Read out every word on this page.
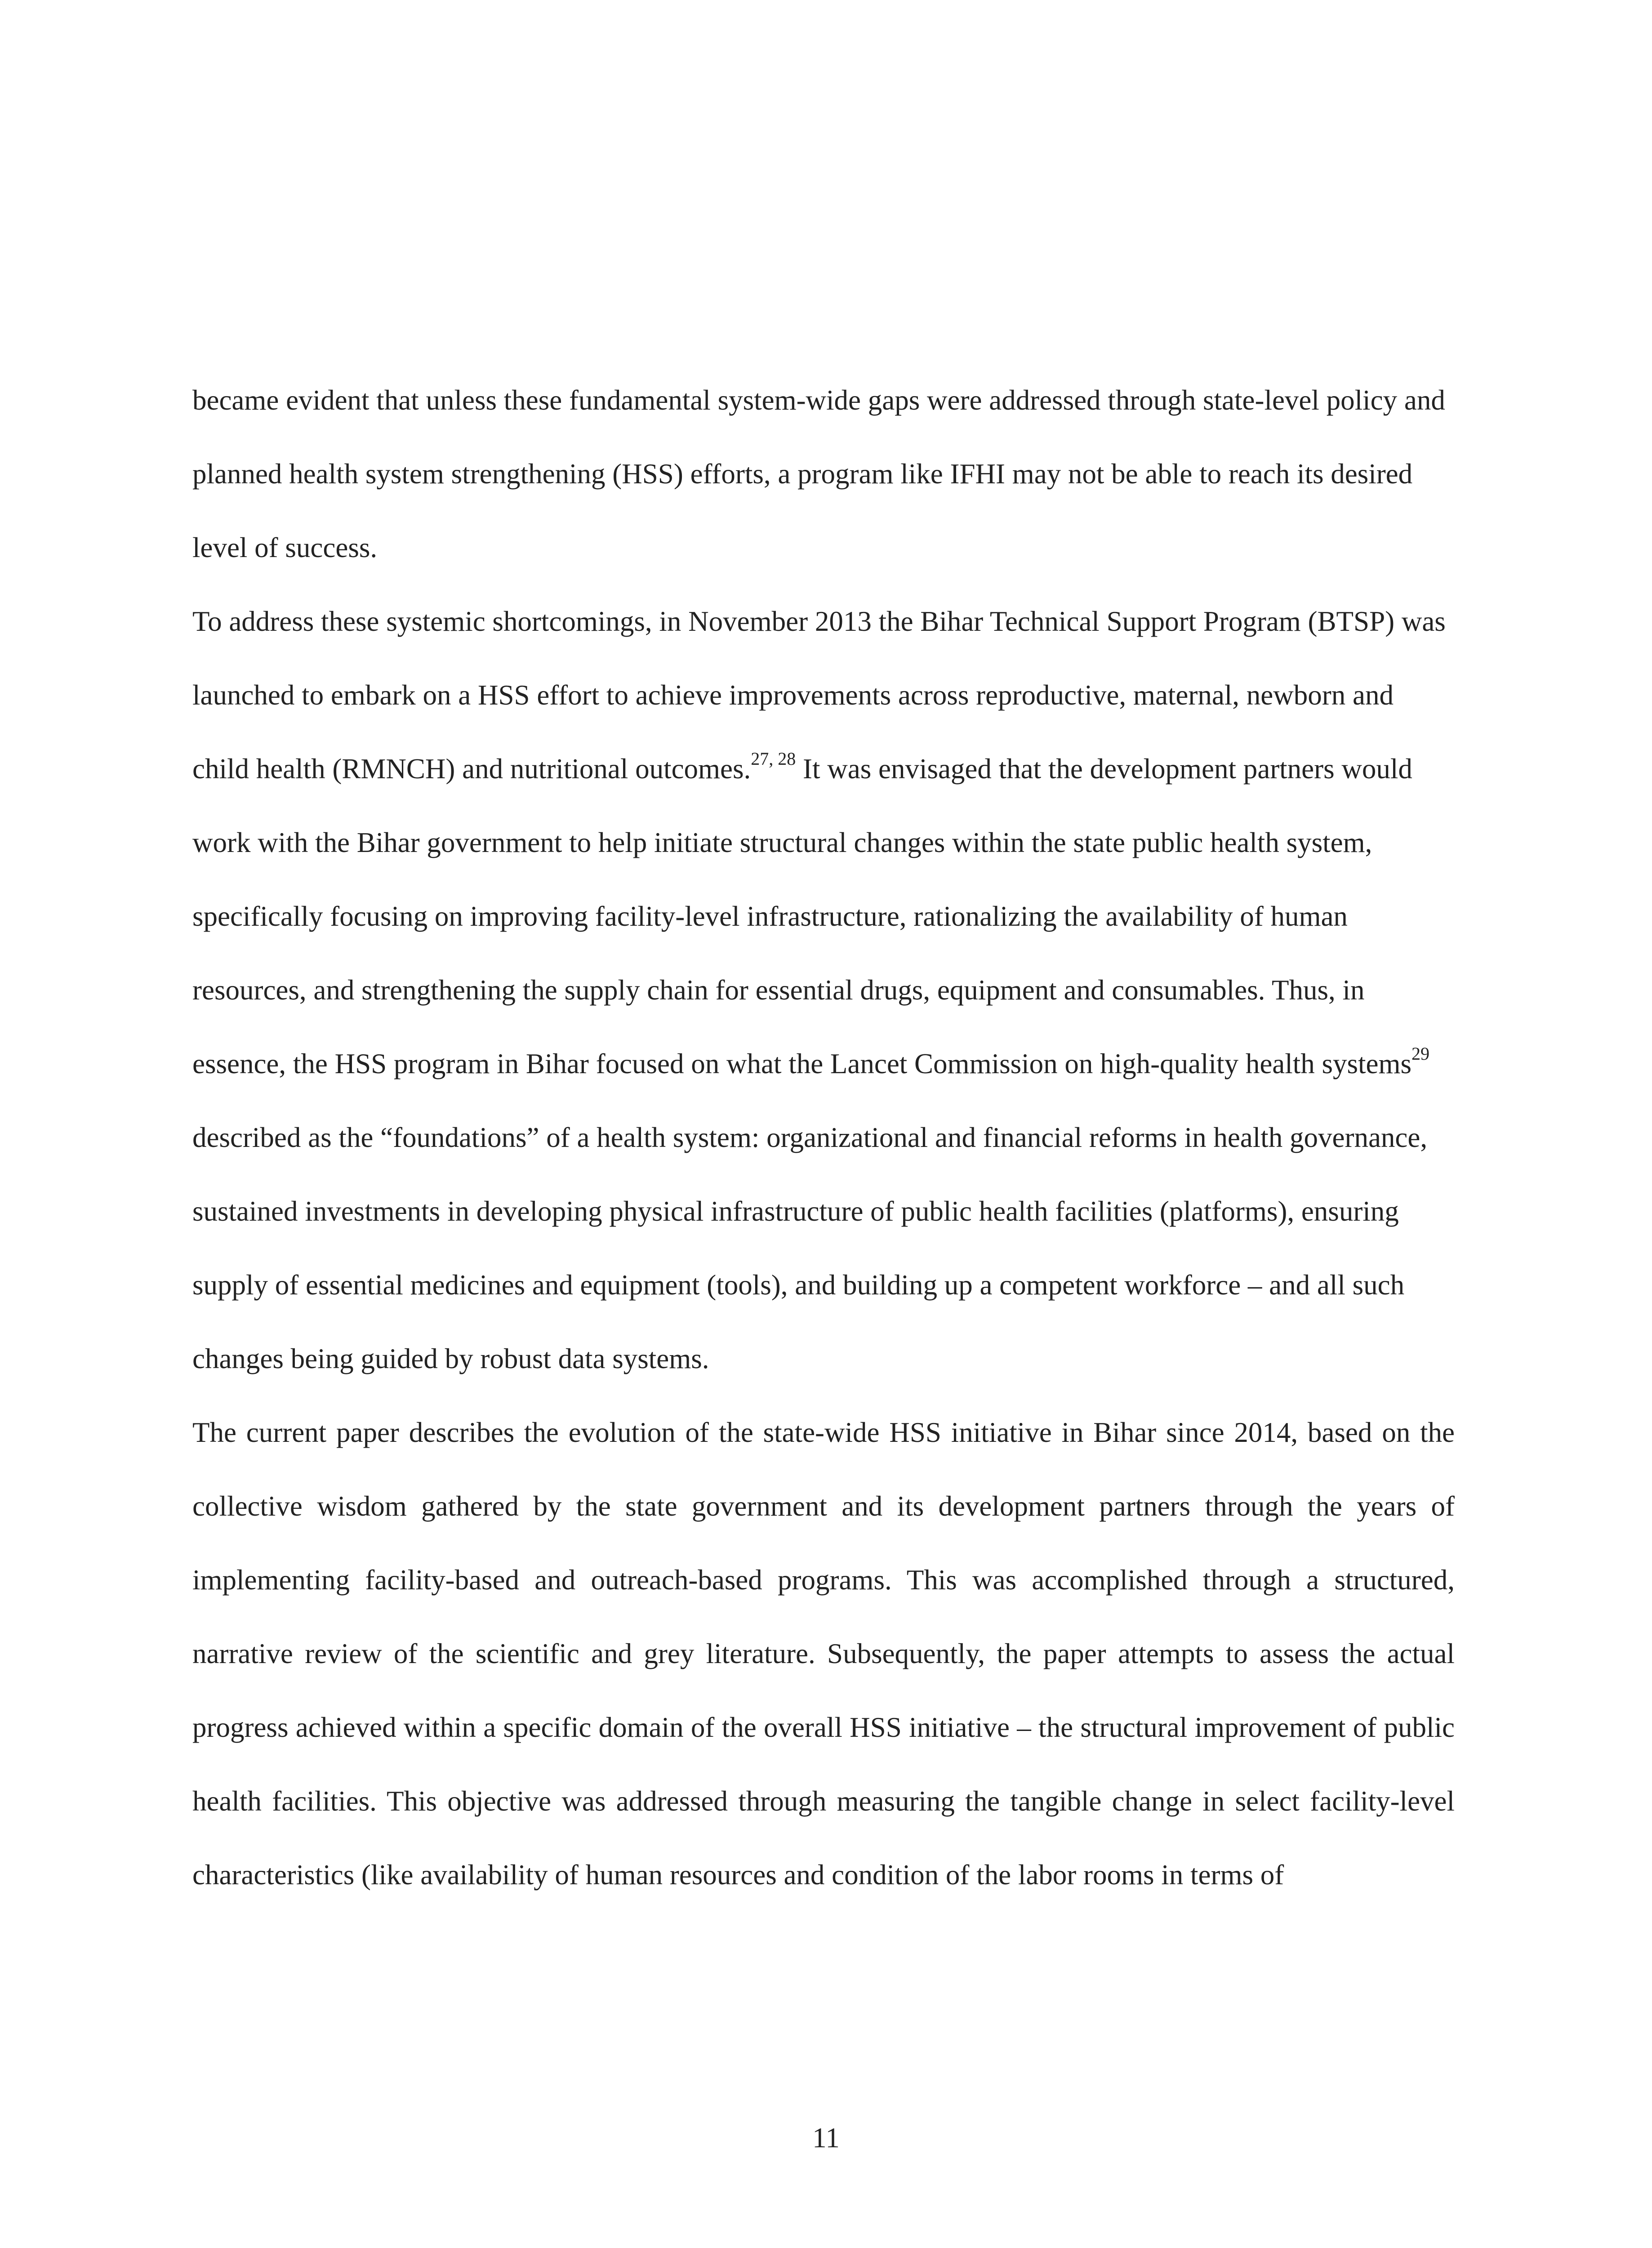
became evident that unless these fundamental system-wide gaps were addressed through state-level policy and planned health system strengthening (HSS) efforts, a program like IFHI may not be able to reach its desired level of success.

To address these systemic shortcomings, in November 2013 the Bihar Technical Support Program (BTSP) was launched to embark on a HSS effort to achieve improvements across reproductive, maternal, newborn and child health (RMNCH) and nutritional outcomes.$^{27, 28}$ It was envisaged that the development partners would work with the Bihar government to help initiate structural changes within the state public health system, specifically focusing on improving facility-level infrastructure, rationalizing the availability of human resources, and strengthening the supply chain for essential drugs, equipment and consumables. Thus, in essence, the HSS program in Bihar focused on what the Lancet Commission on high-quality health systems$^{29}$ described as the “foundations” of a health system: organizational and financial reforms in health governance, sustained investments in developing physical infrastructure of public health facilities (platforms), ensuring supply of essential medicines and equipment (tools), and building up a competent workforce – and all such changes being guided by robust data systems.

The current paper describes the evolution of the state-wide HSS initiative in Bihar since 2014, based on the collective wisdom gathered by the state government and its development partners through the years of implementing facility-based and outreach-based programs. This was accomplished through a structured, narrative review of the scientific and grey literature. Subsequently, the paper attempts to assess the actual progress achieved within a specific domain of the overall HSS initiative – the structural improvement of public health facilities. This objective was addressed through measuring the tangible change in select facility-level characteristics (like availability of human resources and condition of the labor rooms in terms of

11
